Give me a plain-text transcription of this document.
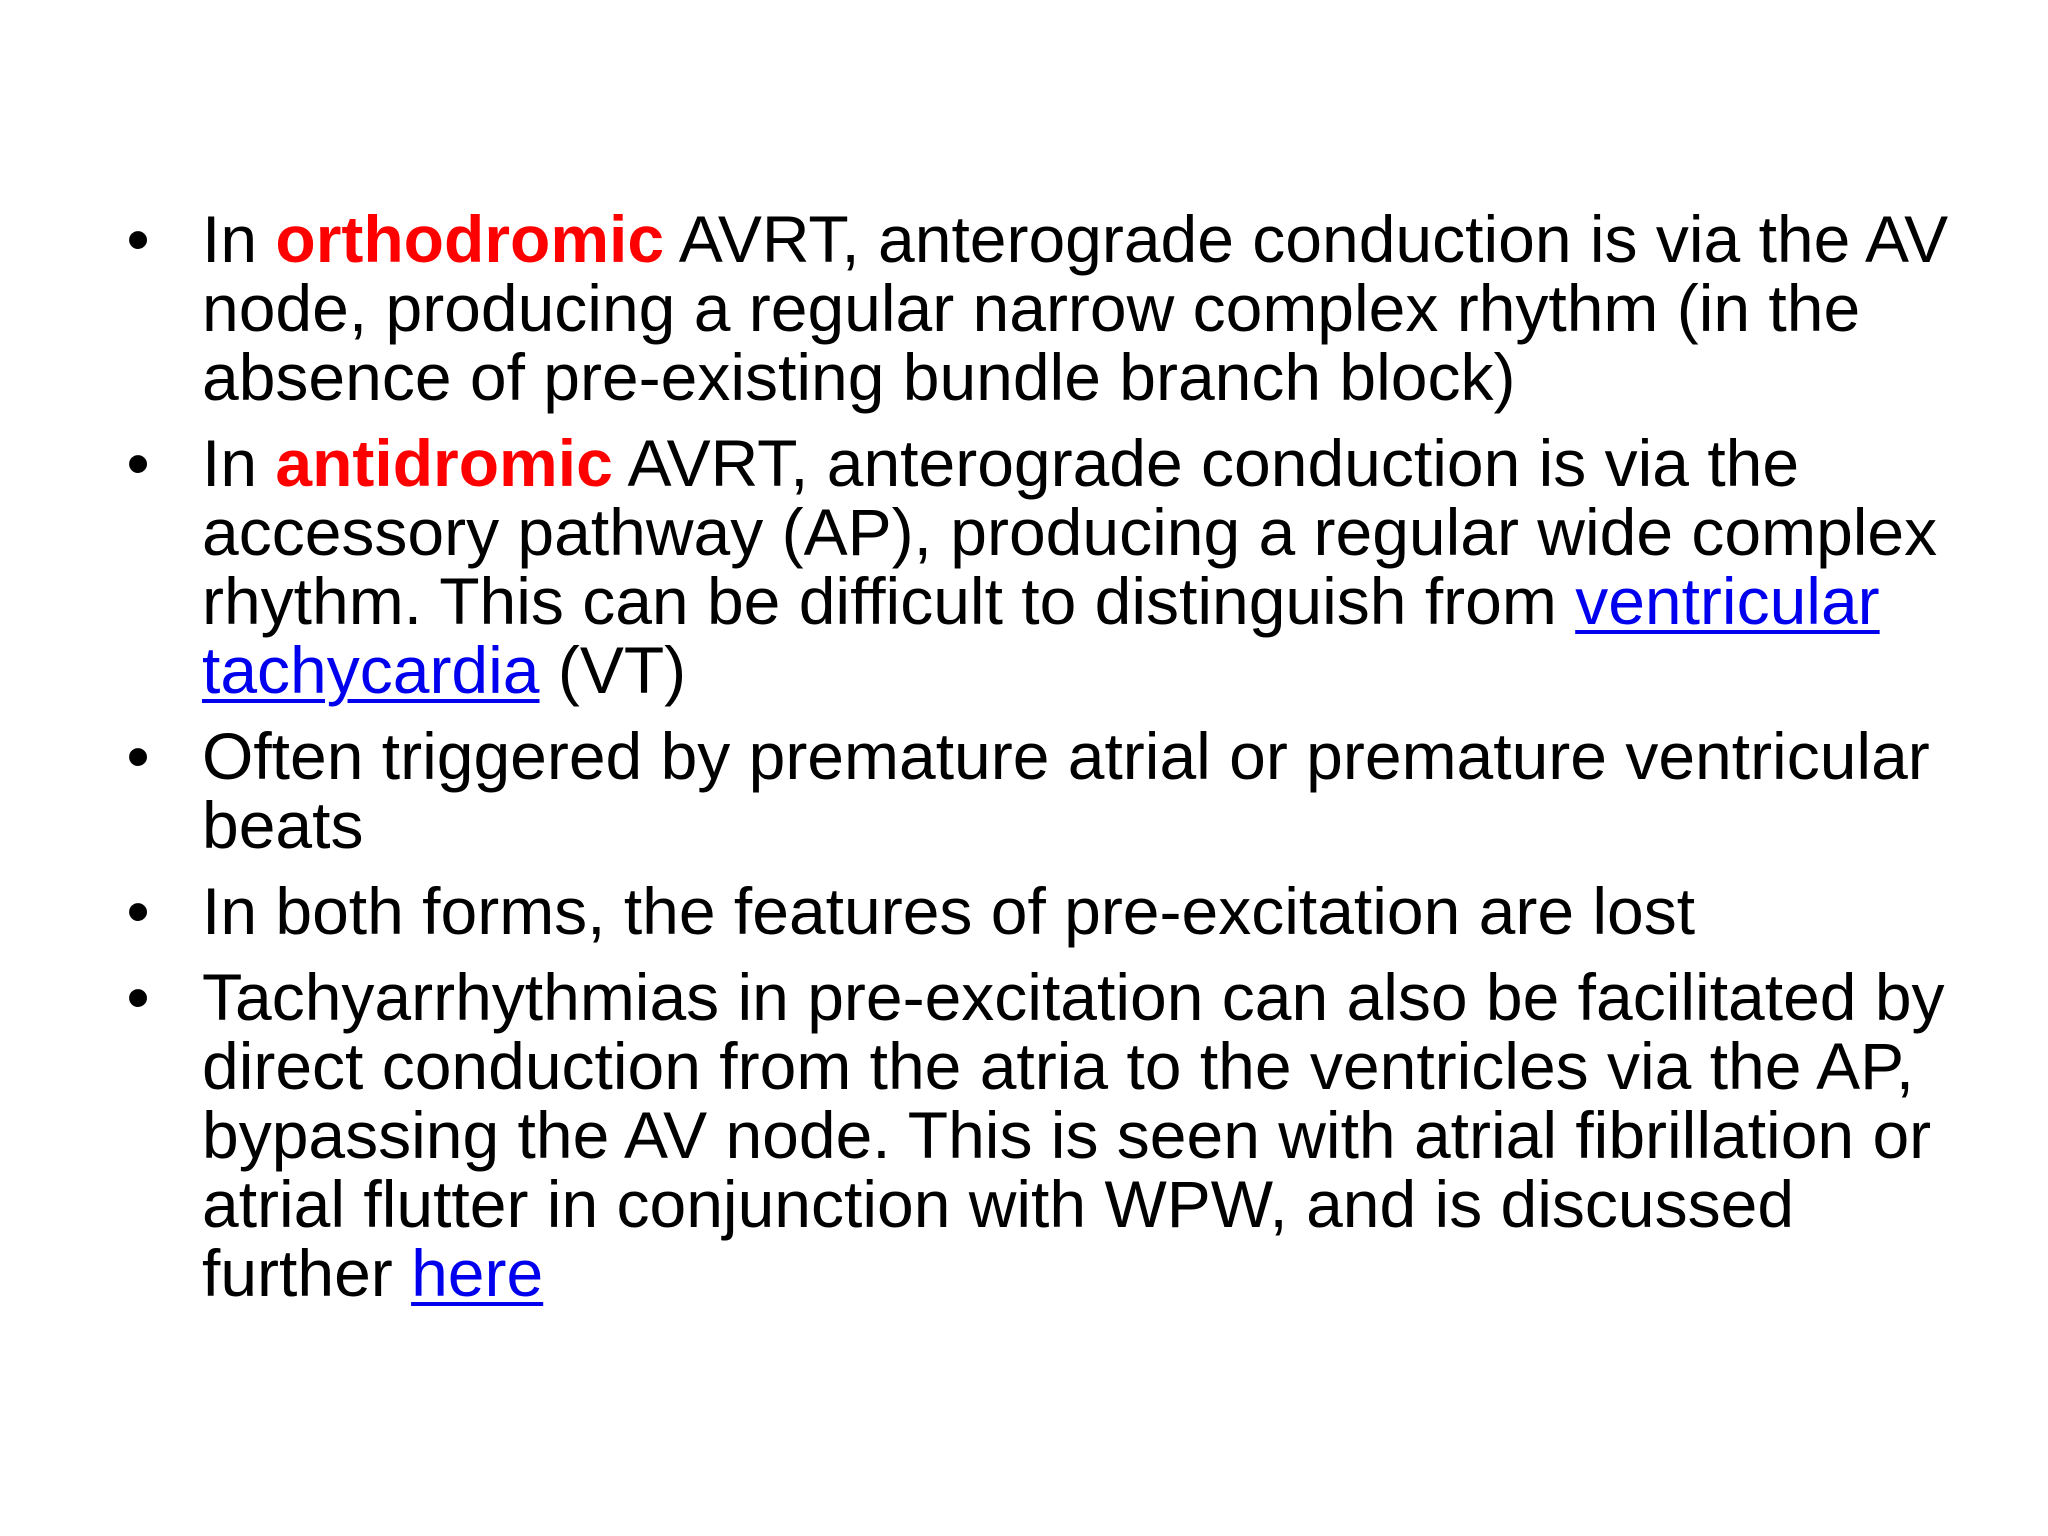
• In orthodromic AVRT, anterograde conduction is via the AV node, producing a regular narrow complex rhythm (in the absence of pre-existing bundle branch block)
• In antidromic AVRT, anterograde conduction is via the accessory pathway (AP), producing a regular wide complex rhythm. This can be difficult to distinguish from ventricular tachycardia (VT)
• Often triggered by premature atrial or premature ventricular beats
• In both forms, the features of pre-excitation are lost
• Tachyarrhythmias in pre-excitation can also be facilitated by direct conduction from the atria to the ventricles via the AP, bypassing the AV node. This is seen with atrial fibrillation or atrial flutter in conjunction with WPW, and is discussed further here
